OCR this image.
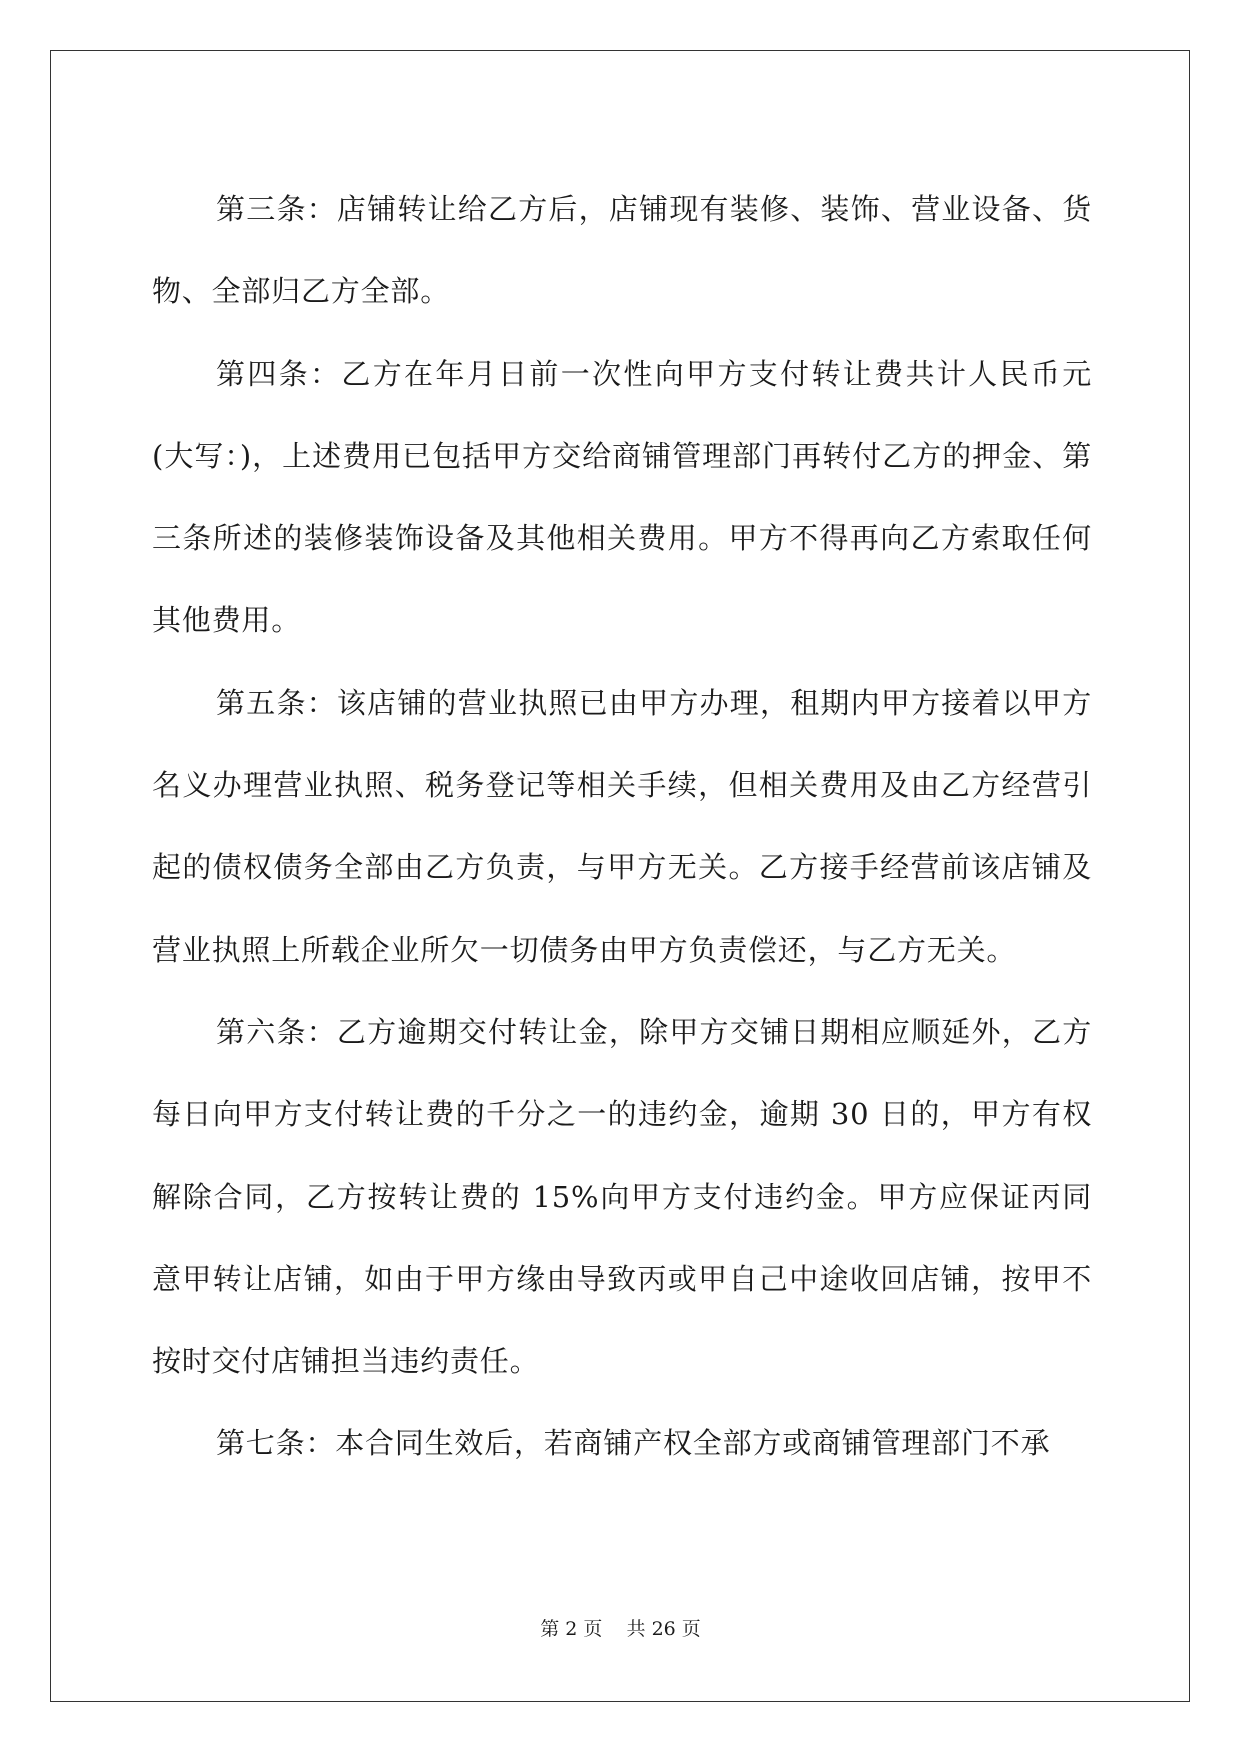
第三条：店铺转让给乙方后，店铺现有装修、装饰、营业设备、货物、全部归乙方全部。

第四条：乙方在年月日前一次性向甲方支付转让费共计人民币元(大写：)，上述费用已包括甲方交给商铺管理部门再转付乙方的押金、第三条所述的装修装饰设备及其他相关费用。甲方不得再向乙方索取任何其他费用。

第五条：该店铺的营业执照已由甲方办理，租期内甲方接着以甲方名义办理营业执照、税务登记等相关手续，但相关费用及由乙方经营引起的债权债务全部由乙方负责，与甲方无关。乙方接手经营前该店铺及营业执照上所载企业所欠一切债务由甲方负责偿还，与乙方无关。

第六条：乙方逾期交付转让金，除甲方交铺日期相应顺延外，乙方每日向甲方支付转让费的千分之一的违约金，逾期 30 日的，甲方有权解除合同，乙方按转让费的 15%向甲方支付违约金。甲方应保证丙同意甲转让店铺，如由于甲方缘由导致丙或甲自己中途收回店铺，按甲不按时交付店铺担当违约责任。

第七条：本合同生效后，若商铺产权全部方或商铺管理部门不承

第 2 页 共 26 页
